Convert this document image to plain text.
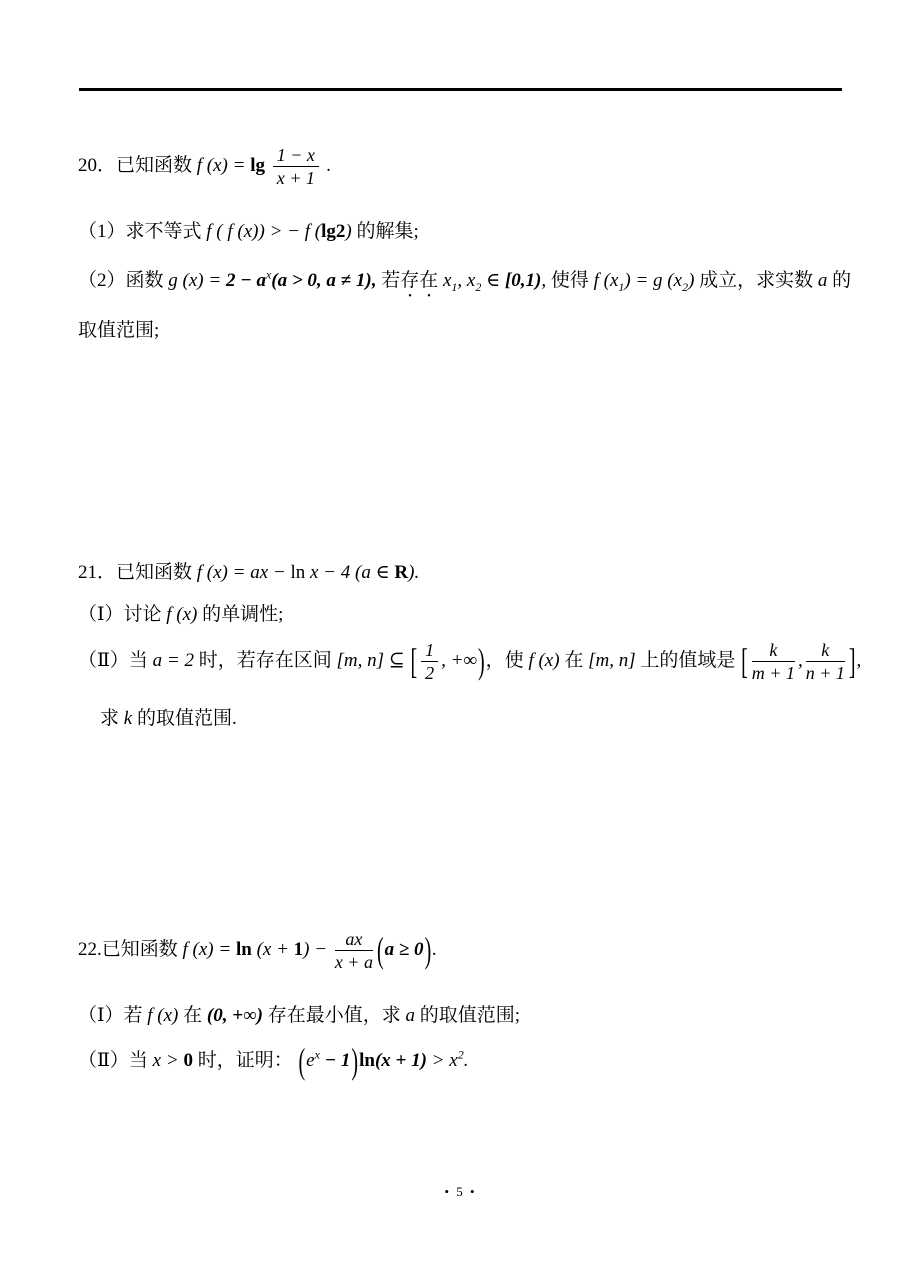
20．已知函数 f $(x) = \lg \frac{1 - x}{x + 1}$ .
（1）求不等式 f ( f (x)) > − f (lg2) 的解集;
（2）函数 g $(x) = 2 - a^x(a > 0$, a ≠ 1), 若存在 $x_1$, $x_2$ ∈ [0,1), 使得 f $(x_1) = g$ $(x_2)$ 成立，求实数 a 的
取值范围;
21．已知函数 f (x) = ax − ln x − 4 (a ∈ R).
（Ⅰ）讨论 f (x) 的单调性;
（Ⅱ）当 a = 2 时，若存在区间 [m, n] ⊆ [ $\frac{1}{2}$ , +∞)，使 f (x) 在 [m, n] 上的值域是 [ $\frac{k}{m + 1}$ , $\frac{k}{n + 1}$ ],
求 k 的取值范围.
22.已知函数 f $(x) = \ln (x + 1) - \frac{ax}{x + a} (a \ge 0)$.
（Ⅰ）若 f (x) 在 (0, +∞) 存在最小值，求 a 的取值范围;
（Ⅱ）当 x > 0 时，证明： $(e^x - 1)\ln(x + 1) > x^2$.
• 5 •
